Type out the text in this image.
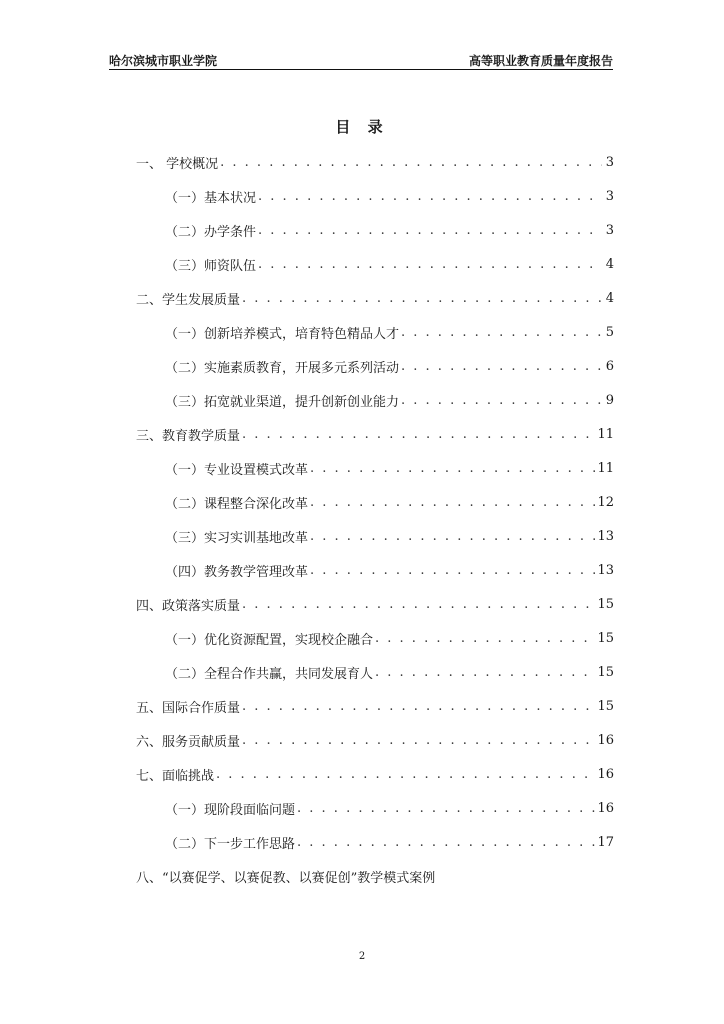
哈尔滨城市职业学院	高等职业教育质量年度报告
目 录
一、 学校概况 . . .	3
（一）基本状况 . . .	3
（二）办学条件 . . .	3
（三）师资队伍 . . .	4
二、学生发展质量 . . .	4
（一）创新培养模式，培育特色精品人才 . . .	5
（二）实施素质教育，开展多元系列活动 . . .	6
（三）拓宽就业渠道，提升创新创业能力 . . .	9
三、教育教学质量 . . .	11
（一）专业设置模式改革 . . .	11
（二）课程整合深化改革 . . .	12
（三）实习实训基地改革 . . .	13
（四）教务教学管理改革 . . .	13
四、政策落实质量 . . .	15
（一）优化资源配置，实现校企融合 . . .	15
（二）全程合作共赢，共同发展育人 . . .	15
五、国际合作质量 . . .	15
六、服务贡献质量 . . .	16
七、面临挑战 . . .	16
（一）现阶段面临问题 . . .	16
（二）下一步工作思路 . . .	17
八、“以赛促学、以赛促教、以赛促创”教学模式案例
2
